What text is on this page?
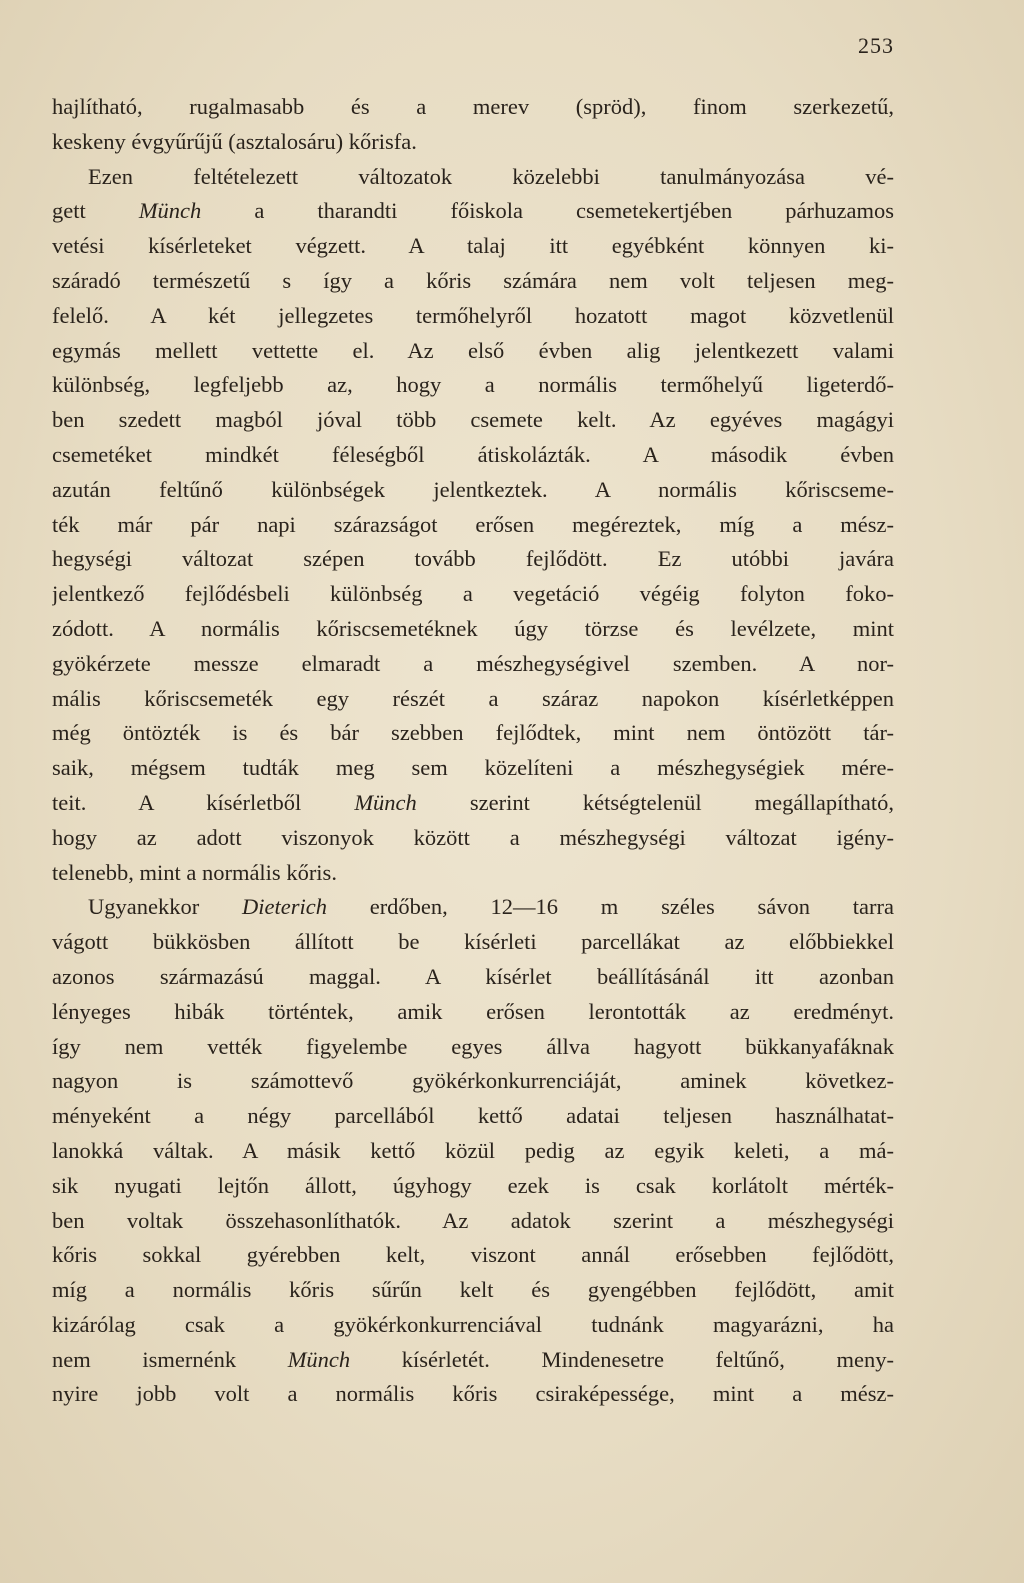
253
hajlítható, rugalmasabb és a merev (spröd), finom szerkezetű,
keskeny évgyűrűjű (asztalosáru) kőrisfa.
Ezen feltételezett változatok közelebbi tanulmányozása vé-
gett Münch a tharandti főiskola csemetekertjében párhuzamos
vetési kísérleteket végzett. A talaj itt egyébként könnyen ki-
száradó természetű s így a kőris számára nem volt teljesen meg-
felelő. A két jellegzetes termőhelyről hozatott magot közvetlenül
egymás mellett vettette el. Az első évben alig jelentkezett valami
különbség, legfeljebb az, hogy a normális termőhelyű ligeterdő-
ben szedett magból jóval több csemete kelt. Az egyéves magágyi
csemetéket mindkét féleségből átiskolázták. A második évben
azután feltűnő különbségek jelentkeztek. A normális kőriscseme-
ték már pár napi szárazságot erősen megéreztek, míg a mész-
hegységi változat szépen tovább fejlődött. Ez utóbbi javára
jelentkező fejlődésbeli különbség a vegetáció végéig folyton foko-
zódott. A normális kőriscsemetéknek úgy törzse és levélzete, mint
gyökérzete messze elmaradt a mészhegységivel szemben. A nor-
mális kőriscsemeték egy részét a száraz napokon kísérletképpen
még öntözték is és bár szebben fejlődtek, mint nem öntözött tár-
saik, mégsem tudták meg sem közelíteni a mészhegységiek mére-
teit. A kísérletből Münch szerint kétségtelenül megállapítható,
hogy az adott viszonyok között a mészhegységi változat igény-
telenebb, mint a normális kőris.
Ugyanekkor Dieterich erdőben, 12—16 m széles sávon tarra
vágott bükkösben állított be kísérleti parcellákat az előbbiekkel
azonos származású maggal. A kísérlet beállításánál itt azonban
lényeges hibák történtek, amik erősen lerontották az eredményt.
így nem vették figyelembe egyes állva hagyott bükkanyafáknak
nagyon is számottevő gyökérkonkurrenciáját, aminek következ-
ményeként a négy parcellából kettő adatai teljesen használhatat-
lanokká váltak. A másik kettő közül pedig az egyik keleti, a má-
sik nyugati lejtőn állott, úgyhogy ezek is csak korlátolt mérték-
ben voltak összehasonlíthatók. Az adatok szerint a mészhegységi
kőris sokkal gyérebben kelt, viszont annál erősebben fejlődött,
míg a normális kőris sűrűn kelt és gyengébben fejlődött, amit
kizárólag csak a gyökérkonkurrenciával tudnánk magyarázni, ha
nem ismernénk Münch kísérletét. Mindenesetre feltűnő, meny-
nyire jobb volt a normális kőris csiraképessége, mint a mész-
